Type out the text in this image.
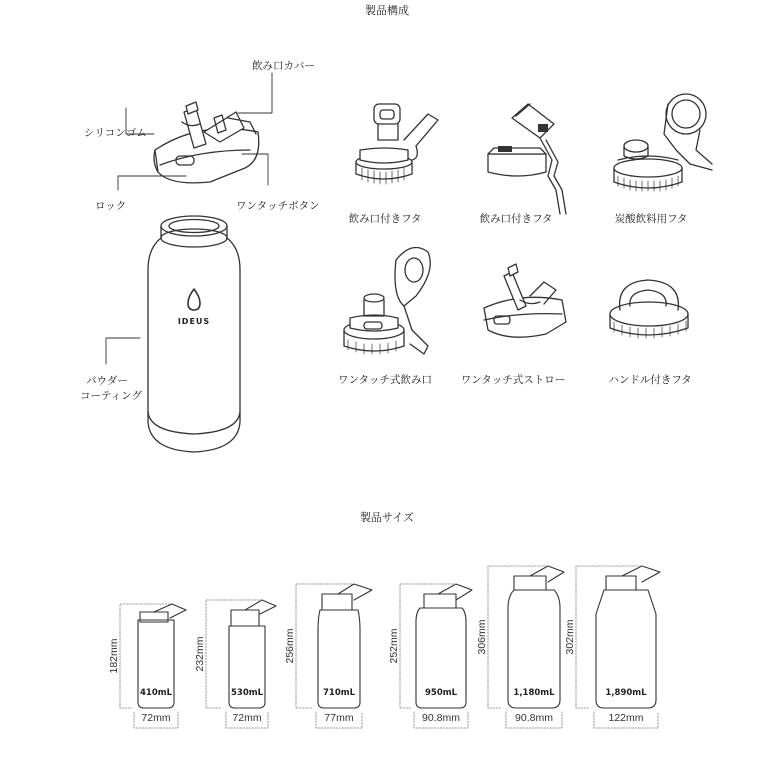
製品構成
飲み口カバー
シリコンゴム
ロック	ワンタッチボタン
パウダー
コーティング
IDEUS
飲み口付きフタ	飲み口付きフタ	炭酸飲料用フタ
ワンタッチ式飲み口	ワンタッチ式ストロー	ハンドル付きフタ
製品サイズ
410mL	530mL	710mL	950mL	1,180mL	1,890mL
72mm	72mm	77mm	90.8mm	90.8mm	122mm
182mm	232mm	256mm	252mm	306mm	302mm
